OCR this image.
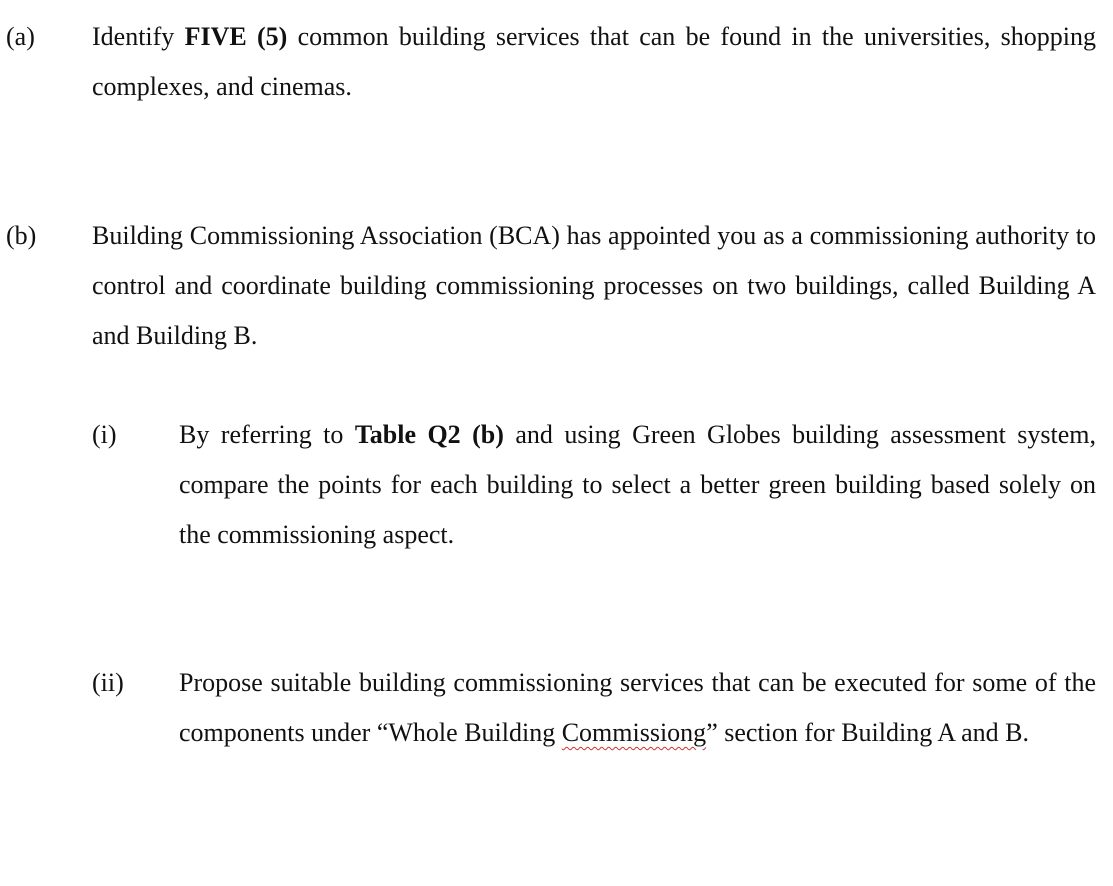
(a) Identify FIVE (5) common building services that can be found in the universities, shopping complexes, and cinemas.
(b) Building Commissioning Association (BCA) has appointed you as a commissioning authority to control and coordinate building commissioning processes on two buildings, called Building A and Building B.
(i) By referring to Table Q2 (b) and using Green Globes building assessment system, compare the points for each building to select a better green building based solely on the commissioning aspect.
(ii) Propose suitable building commissioning services that can be executed for some of the components under “Whole Building Commissiong” section for Building A and B.
